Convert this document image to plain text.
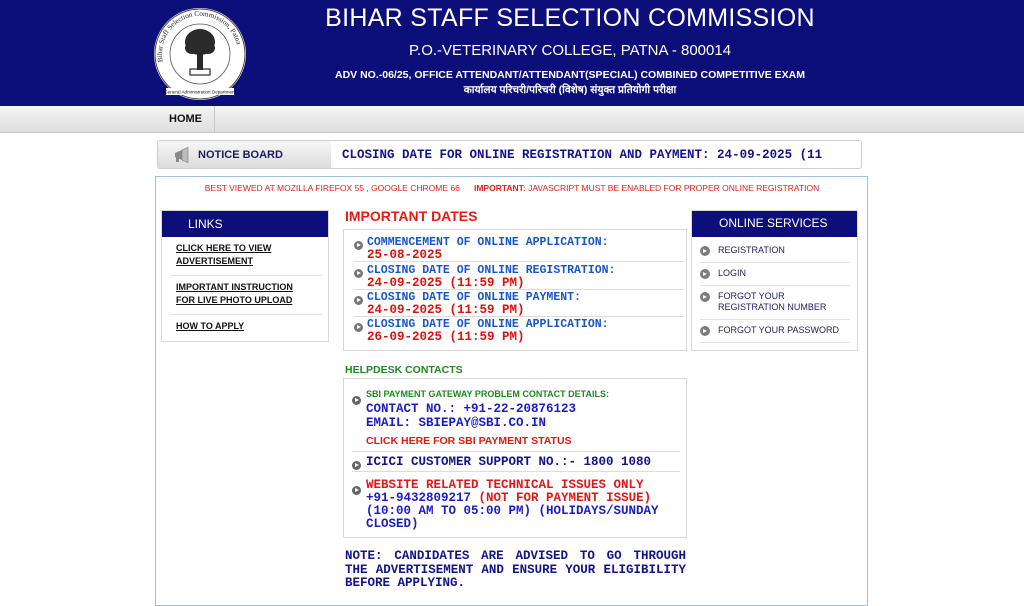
Bihar Staff Selection Commission, Patna
General Administration Department
BIHAR STAFF SELECTION COMMISSION
P.O.-VETERINARY COLLEGE, PATNA - 800014
ADV NO.-06/25, OFFICE ATTENDANT/ATTENDANT(SPECIAL) COMBINED COMPETITIVE EXAM
कार्यालय परिचरी/परिचरी (विशेष) संयुक्त प्रतियोगी परीक्षा
HOME
NOTICE BOARD	CLOSING DATE FOR ONLINE REGISTRATION AND PAYMENT: 24-09-2025 (11
BEST VIEWED AT MOZILLA FIREFOX 55 , GOOGLE CHROME 66 IMPORTANT: JAVASCRIPT MUST BE ENABLED FOR PROPER ONLINE REGISTRATION
LINKS
CLICK HERE TO VIEW
ADVERTISEMENT
IMPORTANT INSTRUCTION
FOR LIVE PHOTO UPLOAD
HOW TO APPLY
IMPORTANT DATES
COMMENCEMENT OF ONLINE APPLICATION:
25-08-2025
CLOSING DATE OF ONLINE REGISTRATION:
24-09-2025 (11:59 PM)
CLOSING DATE OF ONLINE PAYMENT:
24-09-2025 (11:59 PM)
CLOSING DATE OF ONLINE APPLICATION:
26-09-2025 (11:59 PM)
HELPDESK CONTACTS
SBI PAYMENT GATEWAY PROBLEM CONTACT DETAILS:
CONTACT NO.: +91-22-20876123
EMAIL: SBIEPAY@SBI.CO.IN
CLICK HERE FOR SBI PAYMENT STATUS
ICICI CUSTOMER SUPPORT NO.:- 1800 1080
WEBSITE RELATED TECHNICAL ISSUES ONLY
+91-9432809217 (NOT FOR PAYMENT ISSUE)
(10:00 AM TO 05:00 PM) (HOLIDAYS/SUNDAY
CLOSED)
NOTE: CANDIDATES ARE ADVISED TO GO THROUGH THE ADVERTISEMENT AND ENSURE YOUR ELIGIBILITY BEFORE APPLYING.
ONLINE SERVICES
REGISTRATION
LOGIN
FORGOT YOUR
REGISTRATION NUMBER
FORGOT YOUR PASSWORD
